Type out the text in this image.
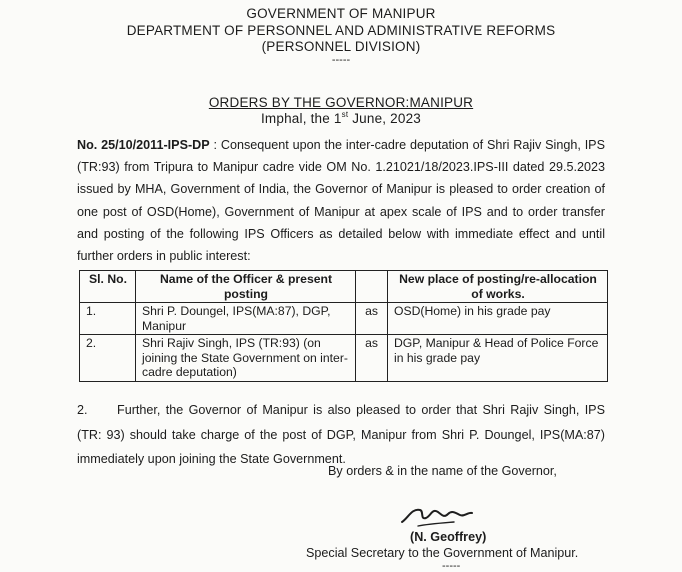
GOVERNMENT OF MANIPUR
DEPARTMENT OF PERSONNEL AND ADMINISTRATIVE REFORMS
(PERSONNEL DIVISION)
-----
ORDERS BY THE GOVERNOR:MANIPUR
Imphal, the 1st June, 2023
No. 25/10/2011-IPS-DP : Consequent upon the inter-cadre deputation of Shri Rajiv Singh, IPS (TR:93) from Tripura to Manipur cadre vide OM No. 1.21021/18/2023.IPS-III dated 29.5.2023 issued by MHA, Government of India, the Governor of Manipur is pleased to order creation of one post of OSD(Home), Government of Manipur at apex scale of IPS and to order transfer and posting of the following IPS Officers as detailed below with immediate effect and until further orders in public interest:
Sl. No.	Name of the Officer & present posting		New place of posting/re-allocation of works.
1.	Shri P. Doungel, IPS(MA:87), DGP, Manipur	as	OSD(Home) in his grade pay
2.	Shri Rajiv Singh, IPS (TR:93) (on joining the State Government on inter-cadre deputation)	as	DGP, Manipur & Head of Police Force in his grade pay
2. Further, the Governor of Manipur is also pleased to order that Shri Rajiv Singh, IPS (TR: 93) should take charge of the post of DGP, Manipur from Shri P. Doungel, IPS(MA:87) immediately upon joining the State Government.
By orders & in the name of the Governor,
(N. Geoffrey)
Special Secretary to the Government of Manipur.
-----
